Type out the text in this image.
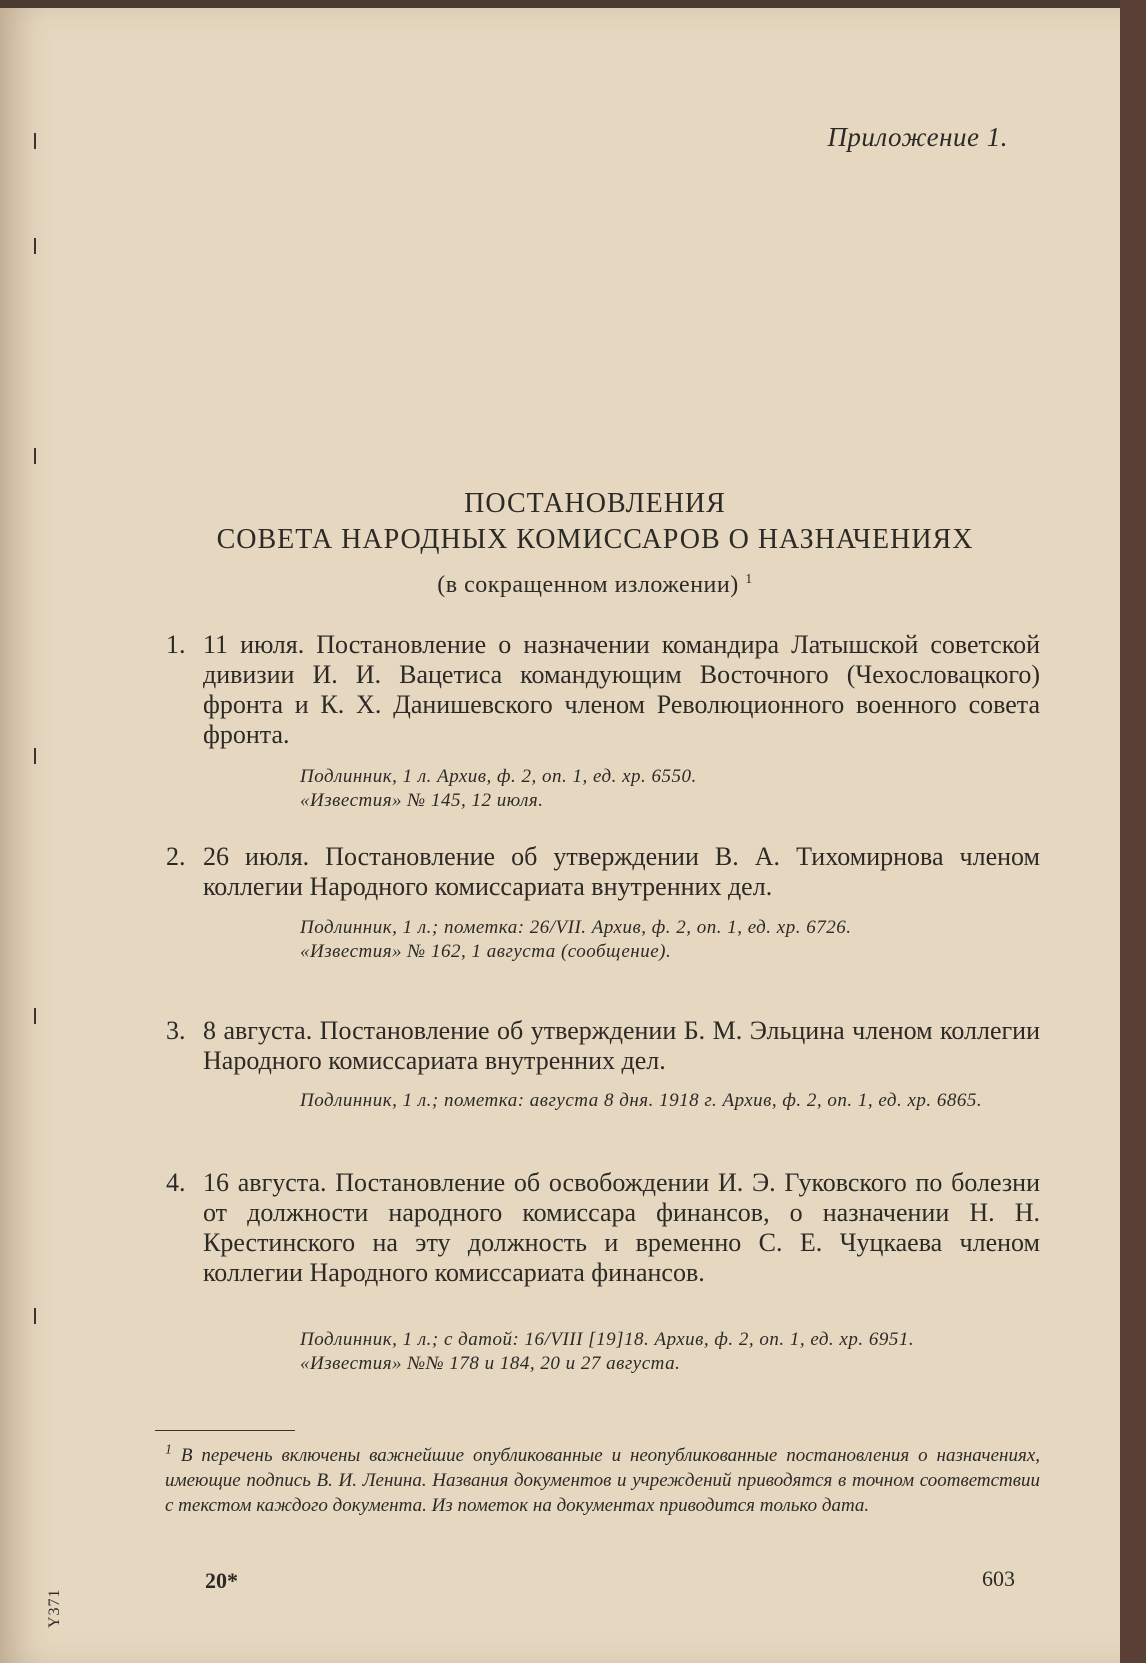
Приложение 1.
ПОСТАНОВЛЕНИЯ
СОВЕТА НАРОДНЫХ КОМИССАРОВ О НАЗНАЧЕНИЯХ
(в сокращенном изложении) $^1$
1. 11 июля. Постановление о назначении командира Латышской советской дивизии И. И. Вацетиса командующим Восточного (Чехословацкого) фронта и К. Х. Данишевского членом Революционного военного совета фронта.
Подлинник, 1 л. Архив, ф. 2, оп. 1, ед. хр. 6550.
«Известия» № 145, 12 июля.
2. 26 июля. Постановление об утверждении В. А. Тихомирнова членом коллегии Народного комиссариата внутренних дел.
Подлинник, 1 л.; пометка: 26/VII. Архив, ф. 2, оп. 1, ед. хр. 6726.
«Известия» № 162, 1 августа (сообщение).
3. 8 августа. Постановление об утверждении Б. М. Эльцина членом коллегии Народного комиссариата внутренних дел.
Подлинник, 1 л.; пометка: августа 8 дня. 1918 г. Архив, ф. 2, оп. 1, ед. хр. 6865.
4. 16 августа. Постановление об освобождении И. Э. Гуковского по болезни от должности народного комиссара финансов, о назначении Н. Н. Крестинского на эту должность и временно С. Е. Чуцкаева членом коллегии Народного комиссариата финансов.
Подлинник, 1 л.; с датой: 16/VIII [19]18. Архив, ф. 2, оп. 1, ед. хр. 6951.
«Известия» №№ 178 и 184, 20 и 27 августа.
$^1$ В перечень включены важнейшие опубликованные и неопубликованные постановления о назначениях, имеющие подпись В. И. Ленина. Названия документов и учреждений приводятся в точном соответствии с текстом каждого документа. Из пометок на документах приводится только дата.
20*	603
Y371
